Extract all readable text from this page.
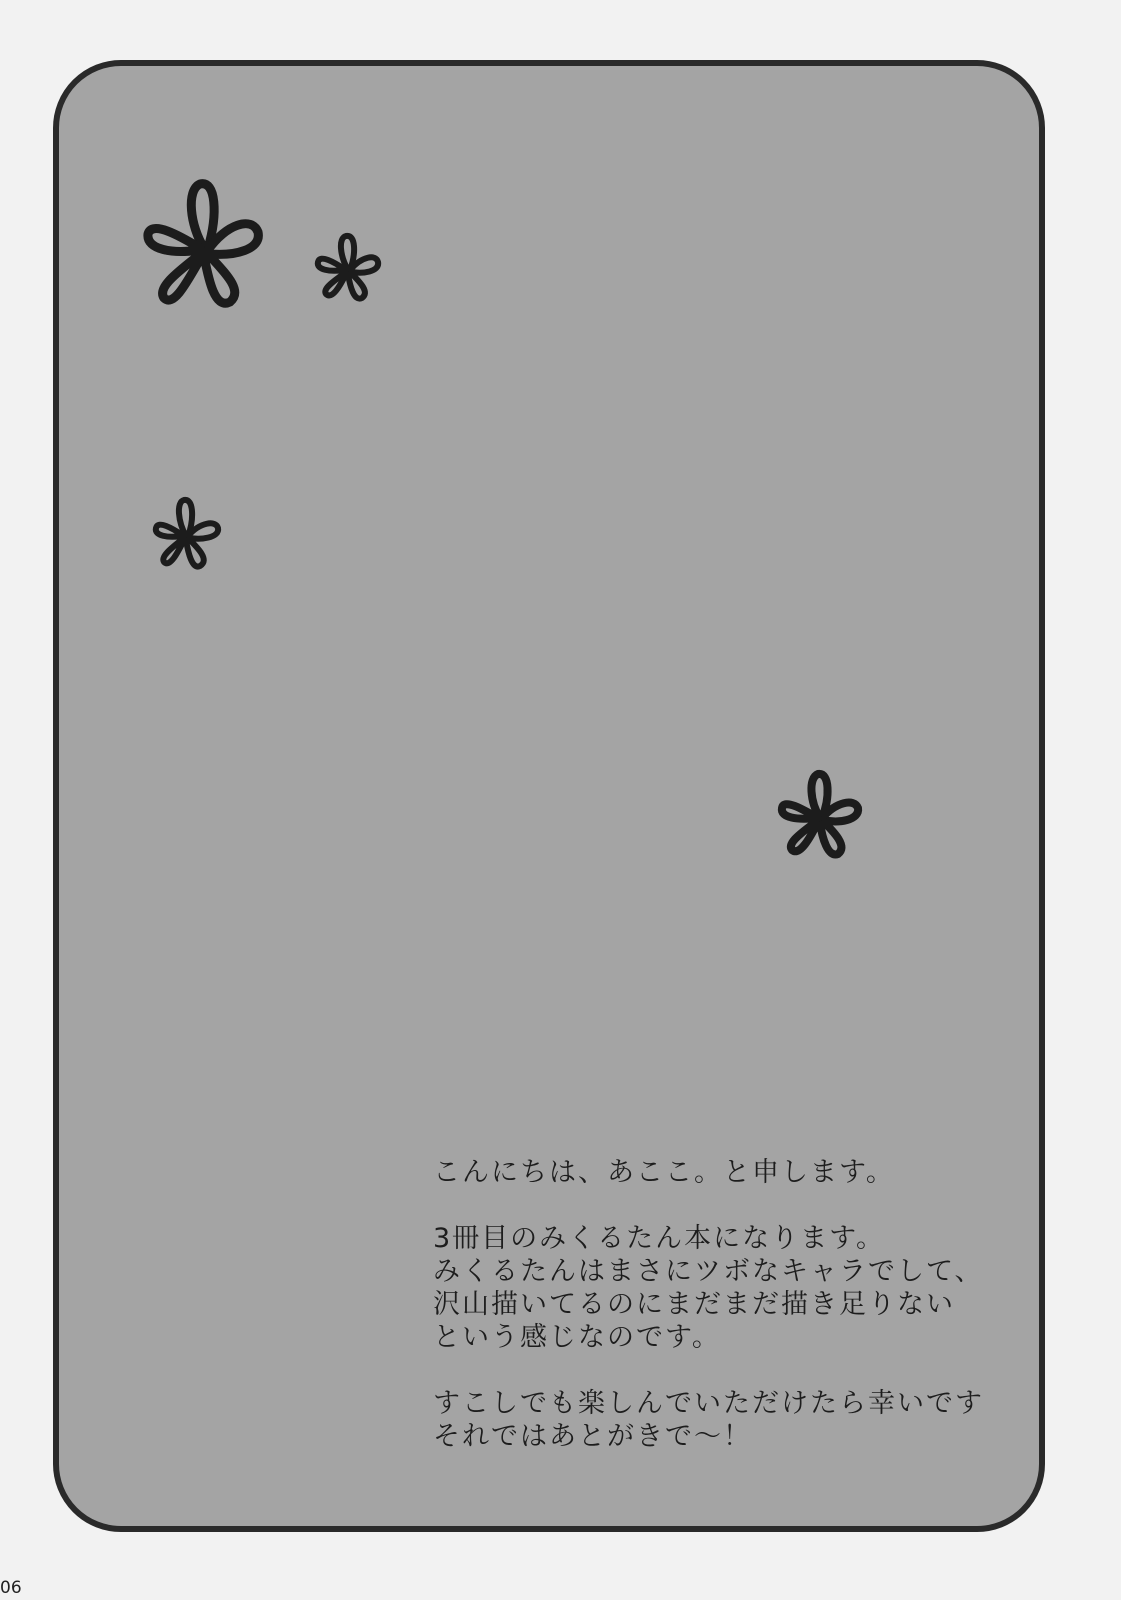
こんにちは、あここ。と申します。
3冊目のみくるたん本になります。
みくるたんはまさにツボなキャラでして、
沢山描いてるのにまだまだ描き足りない
という感じなのです。
すこしでも楽しんでいただけたら幸いです
それではあとがきで～！
06
